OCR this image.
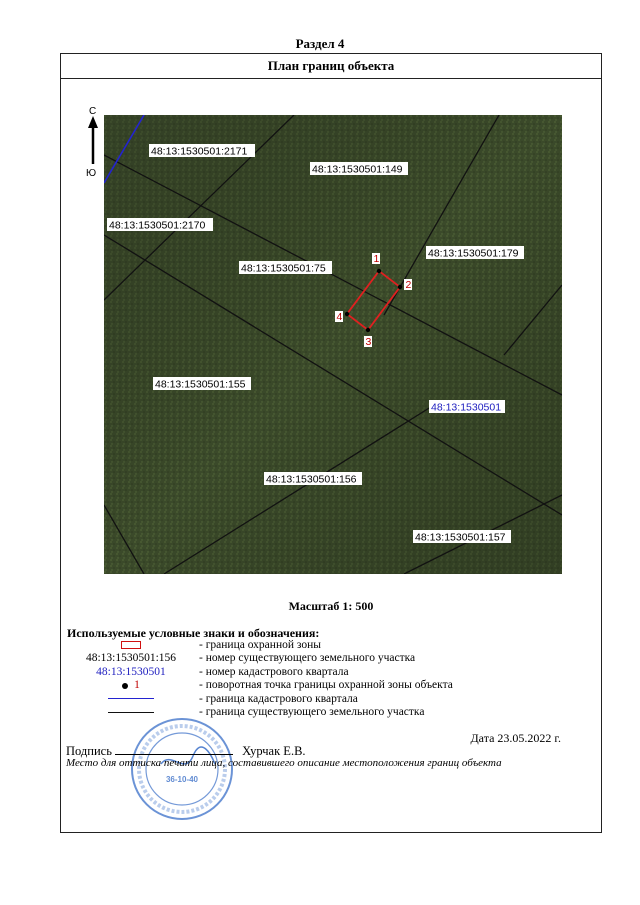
Раздел 4
План границ объекта
С
Ю
1
2
3
4
48:13:1530501:2171
48:13:1530501:149
48:13:1530501:2170
48:13:1530501:179
48:13:1530501:75
48:13:1530501:155
48:13:1530501
48:13:1530501:156
48:13:1530501:157
Масштаб 1: 500
Используемые условные знаки и обозначения:
- граница охранной зоны
48:13:1530501:156	- номер существующего земельного участка
48:13:1530501	- номер кадастрового квартала
1	- поворотная точка границы охранной зоны объекта
- граница кадастрового квартала
- граница существующего земельного участка
Дата 23.05.2022 г.
36-10-40
Подпись	Хурчак Е.В.
Место для оттиска печати лица, составившего описание местоположения границ объекта
